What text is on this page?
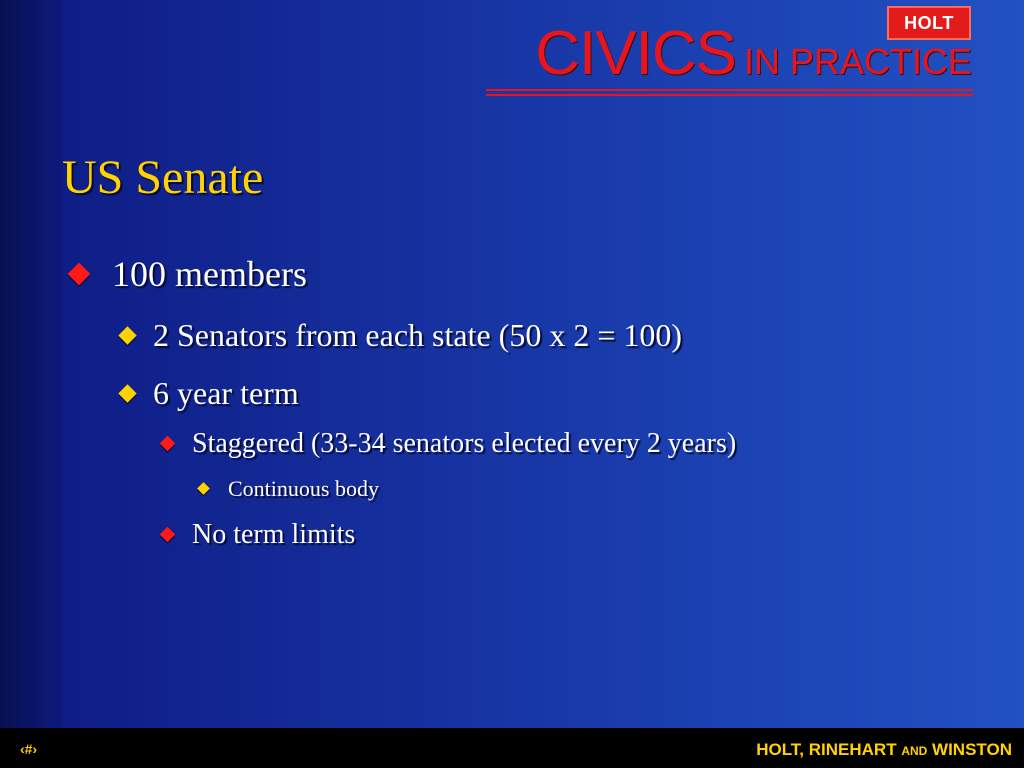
HOLT
CIVICS IN PRACTICE
US Senate
100 members
2 Senators from each state (50 x 2 = 100)
6 year term
Staggered (33-34 senators elected every 2 years)
Continuous body
No term limits
‹#›	HOLT, RINEHART AND WINSTON
